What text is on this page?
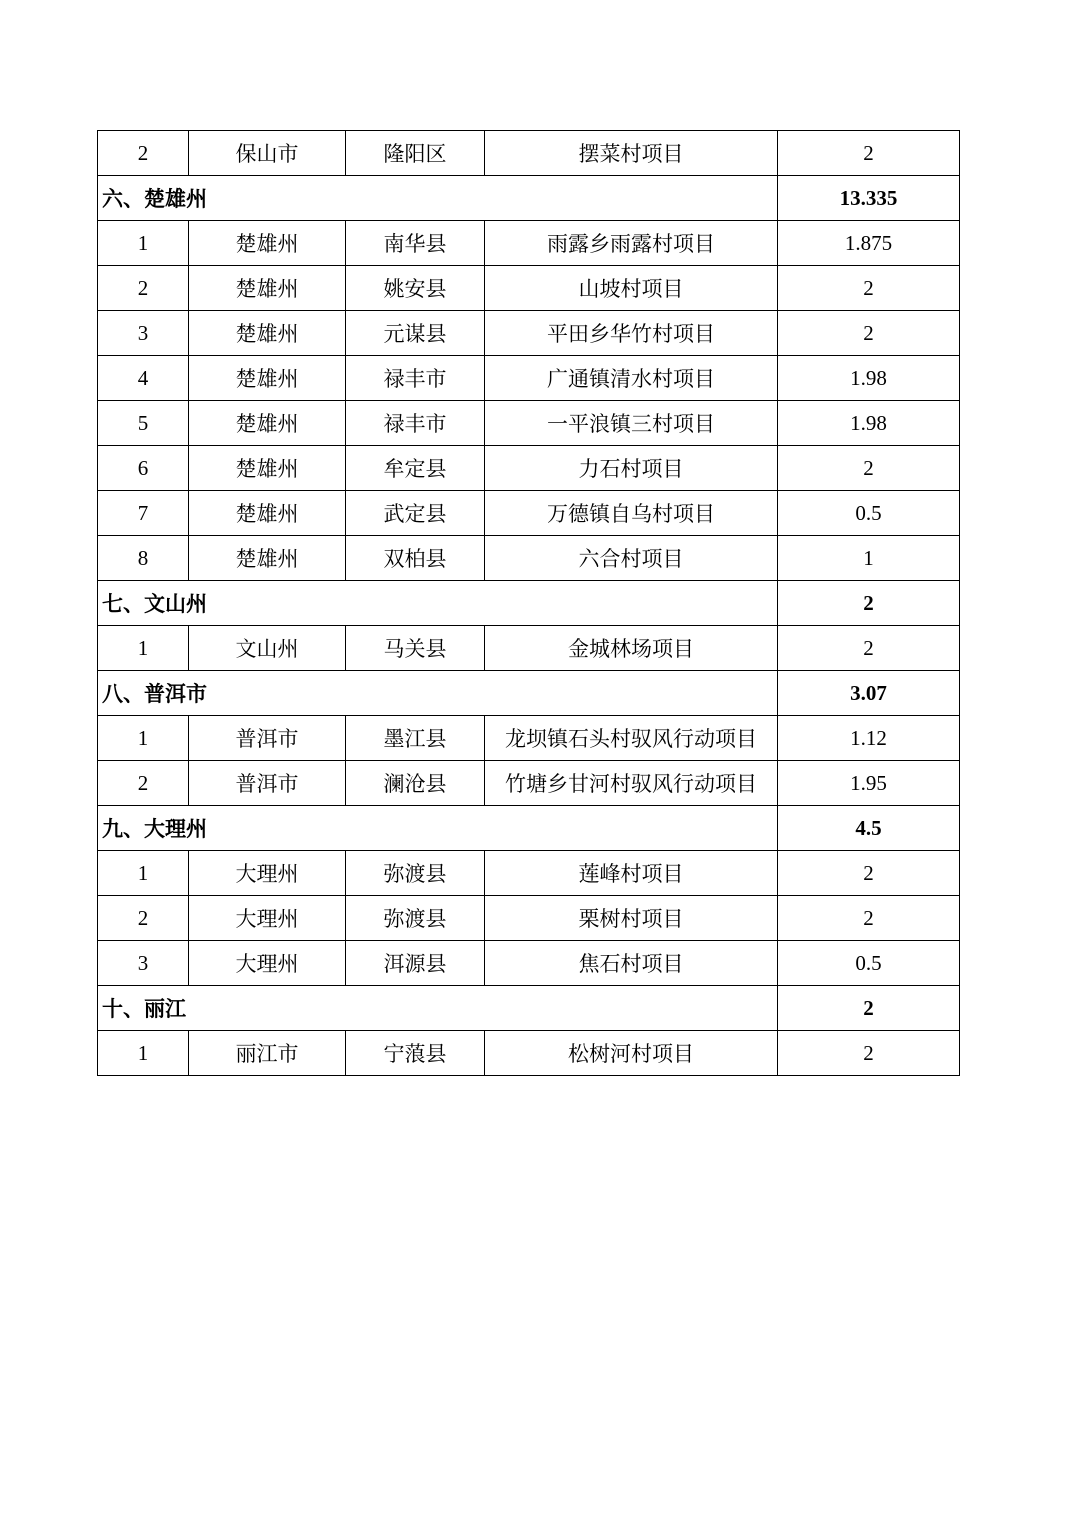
2	保山市	隆阳区	摆菜村项目	2
六、楚雄州				13.335
1	楚雄州	南华县	雨露乡雨露村项目	1.875
2	楚雄州	姚安县	山坡村项目	2
3	楚雄州	元谋县	平田乡华竹村项目	2
4	楚雄州	禄丰市	广通镇清水村项目	1.98
5	楚雄州	禄丰市	一平浪镇三村项目	1.98
6	楚雄州	牟定县	力石村项目	2
7	楚雄州	武定县	万德镇自乌村项目	0.5
8	楚雄州	双柏县	六合村项目	1
七、文山州				2
1	文山州	马关县	金城林场项目	2
八、普洱市				3.07
1	普洱市	墨江县	龙坝镇石头村驭风行动项目	1.12
2	普洱市	澜沧县	竹塘乡甘河村驭风行动项目	1.95
九、大理州				4.5
1	大理州	弥渡县	莲峰村项目	2
2	大理州	弥渡县	栗树村项目	2
3	大理州	洱源县	焦石村项目	0.5
十、丽江				2
1	丽江市	宁蒗县	松树河村项目	2
